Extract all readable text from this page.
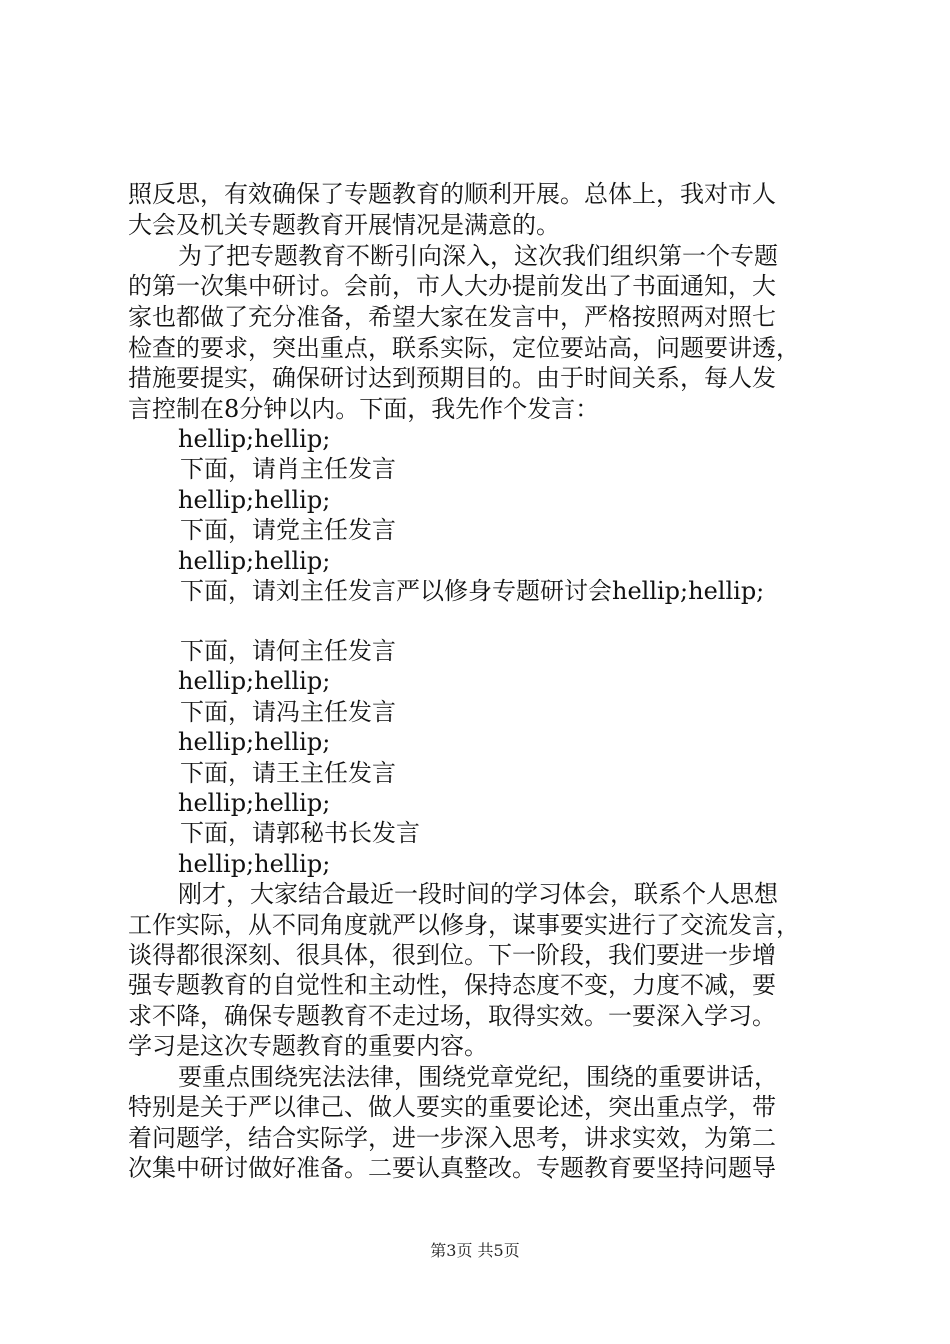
照反思，有效确保了专题教育的顺利开展。总体上，我对市人
大会及机关专题教育开展情况是满意的。
为了把专题教育不断引向深入，这次我们组织第一个专题
的第一次集中研讨。会前，市人大办提前发出了书面通知，大
家也都做了充分准备，希望大家在发言中，严格按照两对照七
检查的要求，突出重点，联系实际，定位要站高，问题要讲透，
措施要提实，确保研讨达到预期目的。由于时间关系，每人发
言控制在8分钟以内。下面，我先作个发言：
hellip;hellip;
下面，请肖主任发言
hellip;hellip;
下面，请党主任发言
hellip;hellip;
下面，请刘主任发言严以修身专题研讨会hellip;hellip;
下面，请何主任发言
hellip;hellip;
下面，请冯主任发言
hellip;hellip;
下面，请王主任发言
hellip;hellip;
下面，请郭秘书长发言
hellip;hellip;
刚才，大家结合最近一段时间的学习体会，联系个人思想
工作实际，从不同角度就严以修身，谋事要实进行了交流发言，
谈得都很深刻、很具体，很到位。下一阶段，我们要进一步增
强专题教育的自觉性和主动性，保持态度不变，力度不减，要
求不降，确保专题教育不走过场，取得实效。一要深入学习。
学习是这次专题教育的重要内容。
要重点围绕宪法法律，围绕党章党纪，围绕的重要讲话，
特别是关于严以律己、做人要实的重要论述，突出重点学，带
着问题学，结合实际学，进一步深入思考，讲求实效，为第二
次集中研讨做好准备。二要认真整改。专题教育要坚持问题导
第3页 共5页
